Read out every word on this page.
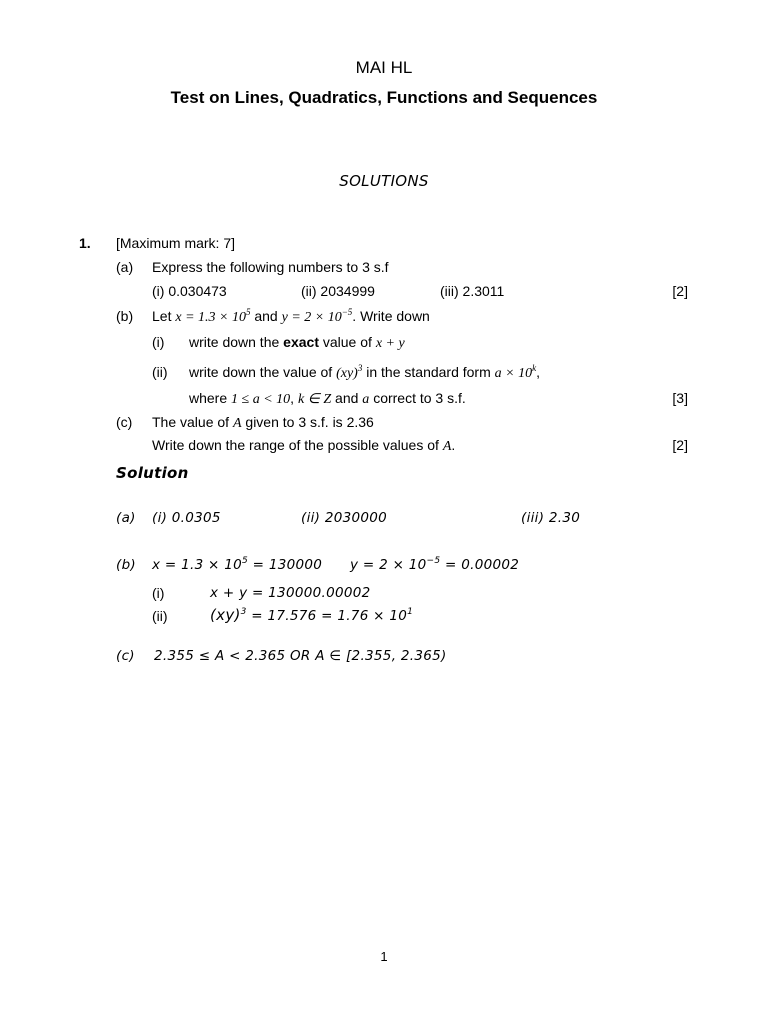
MAI HL
Test on Lines, Quadratics, Functions and Sequences
SOLUTIONS
1. [Maximum mark: 7]
(a) Express the following numbers to 3 s.f
(i) 0.030473	(ii) 2034999	(iii) 2.3011	[2]
(b) Let $x = 1.3 \times 10^5$ and $y = 2 \times 10^{-5}$. Write down
(i) write down the exact value of x + y
(ii) write down the value of (xy)$^3$ in the standard form $a \times 10^k$,
where 1 ≤ a < 10, k ∈ Z and a correct to 3 s.f.	[3]
(c) The value of A given to 3 s.f. is 2.36
Write down the range of the possible values of A.	[2]
Solution
(a) (i) 0.0305	(ii) 2030000	(iii) 2.30
(b) $x = 1.3 \times 10^5 = 130000$ $y = 2 \times 10^{-5} = 0.00002$
(i)	x + y = 130000.00002
(ii)	$(xy)^3 = 17.576 = 1.76 \times 10^1$
(c) 2.355 ≤ A < 2.365 OR A ∈ [2.355, 2.365)
1
